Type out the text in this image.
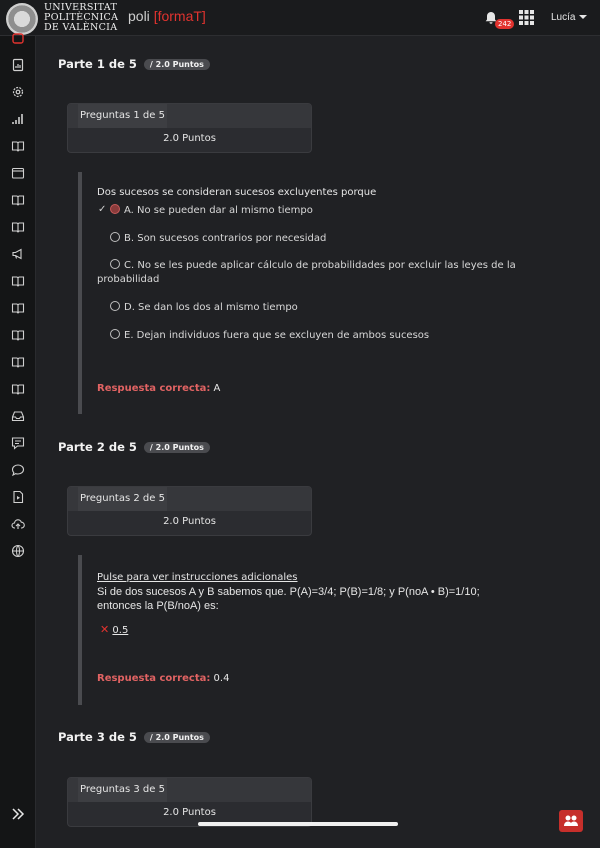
UNIVERSITAT
POLITÈCNICA
DE VALÈNCIA
poli [formaT]	242
Lucía
Parte 1 de 5 / 2.0 Puntos
Preguntas 1 de 5
2.0 Puntos
Dos sucesos se consideran sucesos excluyentes porque
✓	A. No se pueden dar al mismo tiempo
B. Son sucesos contrarios por necesidad
C. No se les puede aplicar cálculo de probabilidades por excluir las leyes de la
probabilidad
D. Se dan los dos al mismo tiempo
E. Dejan individuos fuera que se excluyen de ambos sucesos
Respuesta correcta: A
Parte 2 de 5 / 2.0 Puntos
Preguntas 2 de 5
2.0 Puntos
Pulse para ver instrucciones adicionales
Si de dos sucesos A y B sabemos que. P(A)=3/4; P(B)=1/8; y P(noA • B)=1/10;
entonces la P(B/noA) es:
✕ 0.5
Respuesta correcta: 0.4
Parte 3 de 5 / 2.0 Puntos
Preguntas 3 de 5
2.0 Puntos
